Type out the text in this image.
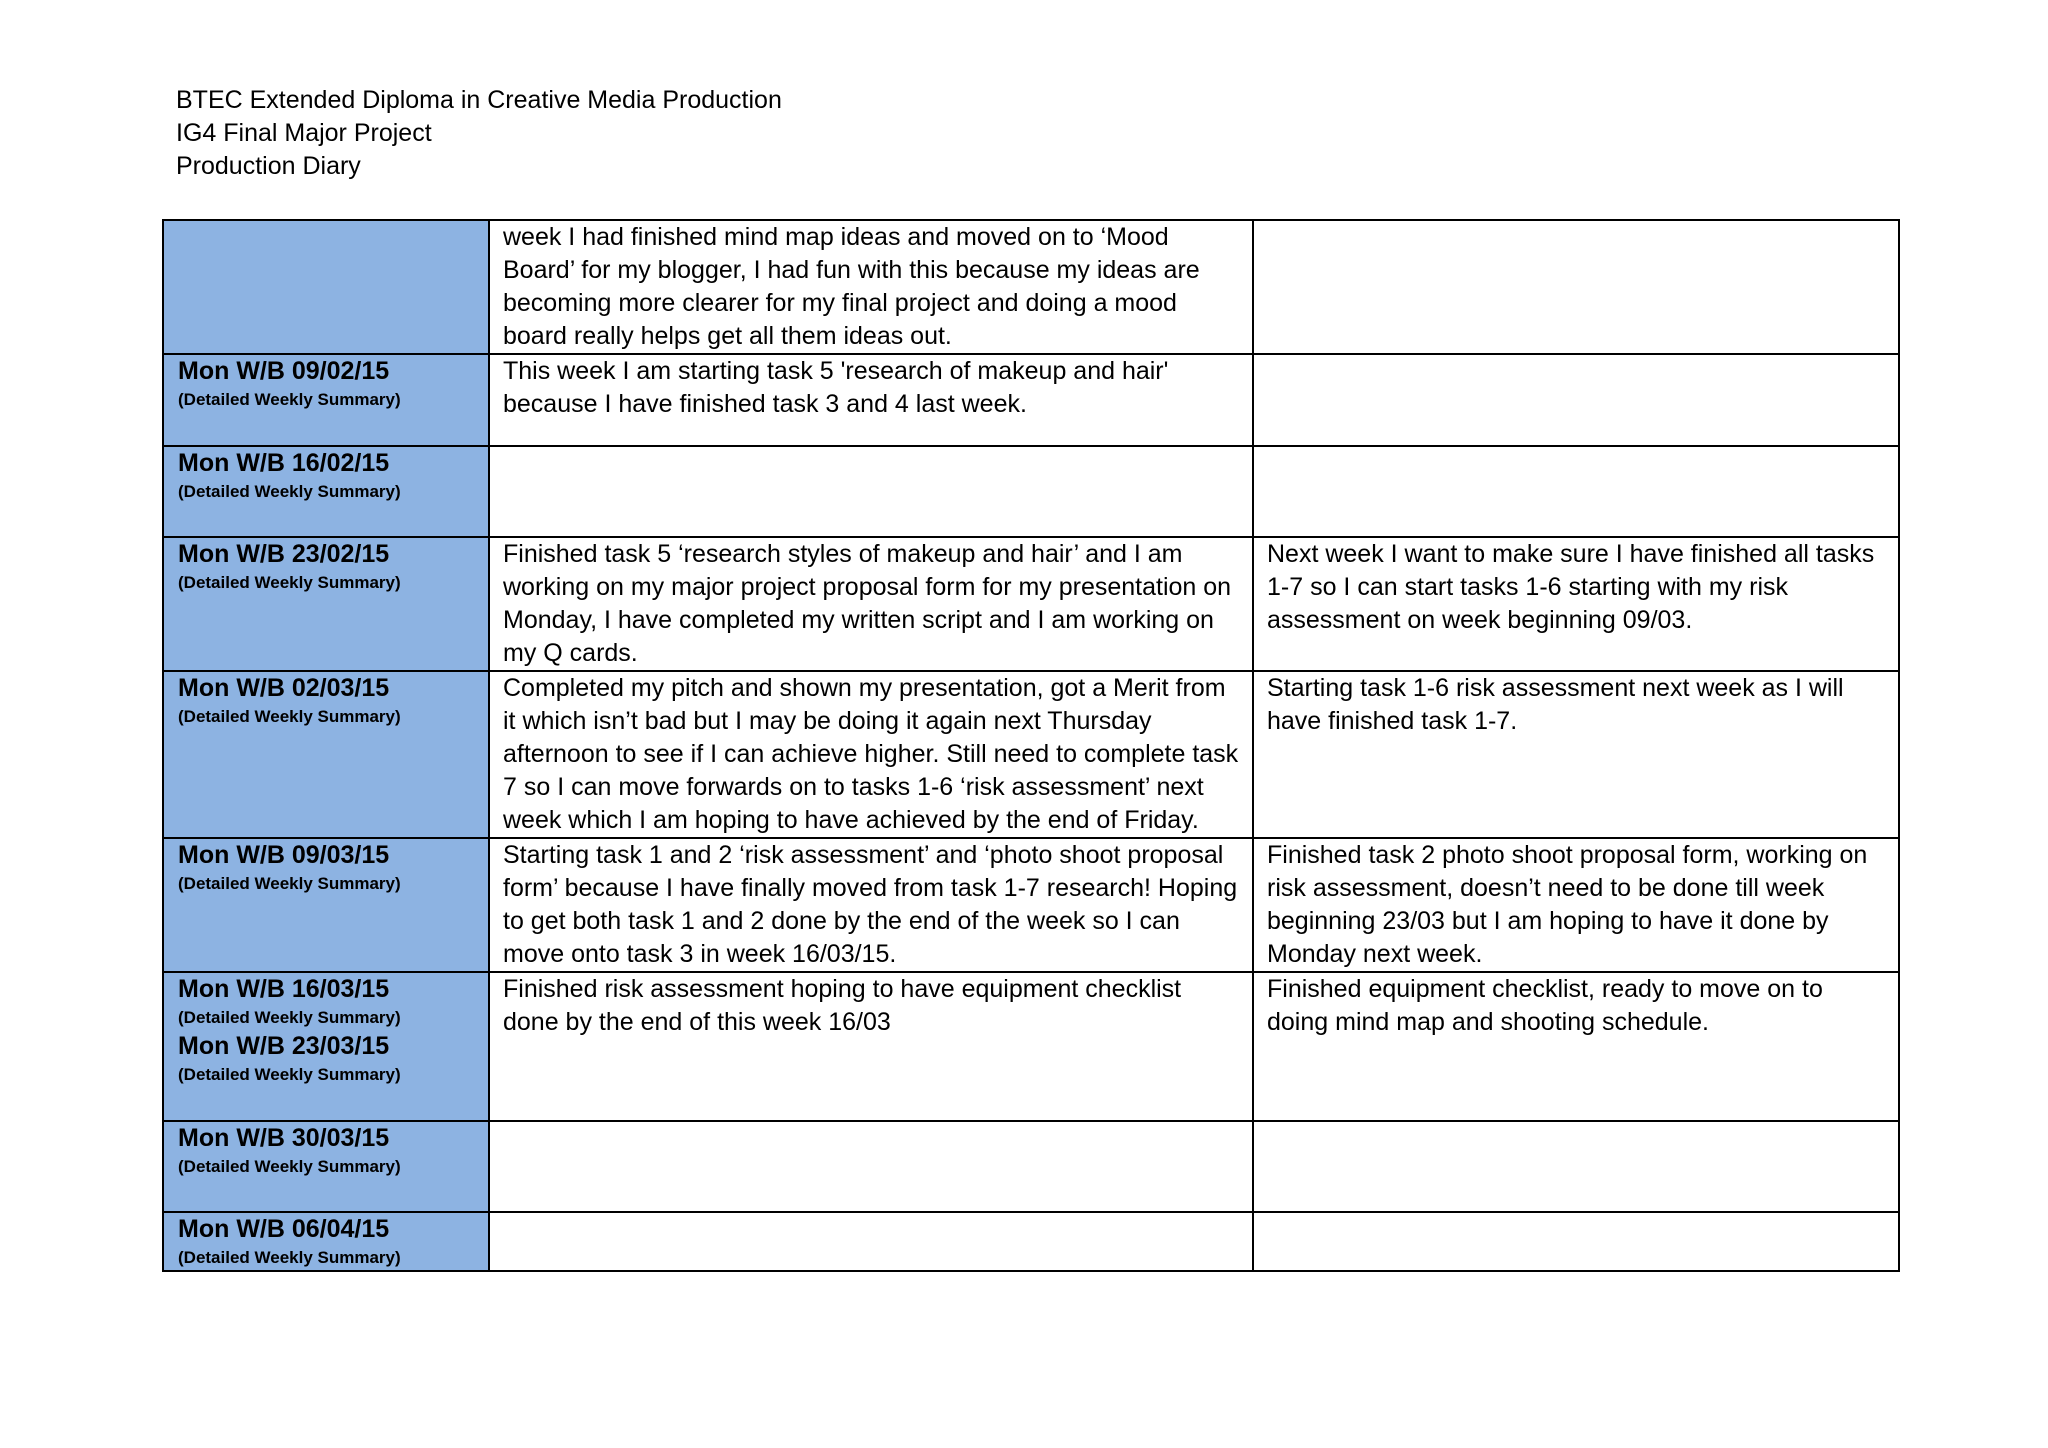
BTEC Extended Diploma in Creative Media Production
IG4 Final Major Project
Production Diary
	week I had finished mind map ideas and moved on to ‘Mood Board’ for my blogger, I had fun with this because my ideas are becoming more clearer for my final project and doing a mood board really helps get all them ideas out.	

Mon W/B 09/02/15
(Detailed Weekly Summary)	This week I am starting task 5 'research of makeup and hair' because I have finished task 3 and 4 last week.	

Mon W/B 16/02/15
(Detailed Weekly Summary)		

Mon W/B 23/02/15
(Detailed Weekly Summary)	Finished task 5 ‘research styles of makeup and hair’ and I am working on my major project proposal form for my presentation on Monday, I have completed my written script and I am working on my Q cards.	Next week I want to make sure I have finished all tasks 1-7 so I can start tasks 1-6 starting with my risk assessment on week beginning 09/03.

Mon W/B 02/03/15
(Detailed Weekly Summary)	Completed my pitch and shown my presentation, got a Merit from it which isn’t bad but I may be doing it again next Thursday afternoon to see if I can achieve higher. Still need to complete task 7 so I can move forwards on to tasks 1-6 ‘risk assessment’ next week which I am hoping to have achieved by the end of Friday.	Starting task 1-6 risk assessment next week as I will have finished task 1-7.

Mon W/B 09/03/15
(Detailed Weekly Summary)	Starting task 1 and 2 ‘risk assessment’ and ‘photo shoot proposal form’ because I have finally moved from task 1-7 research! Hoping to get both task 1 and 2 done by the end of the week so I can move onto task 3 in week 16/03/15.	Finished task 2 photo shoot proposal form, working on risk assessment, doesn’t need to be done till week beginning 23/03 but I am hoping to have it done by Monday next week.

Mon W/B 16/03/15
(Detailed Weekly Summary)
Mon W/B 23/03/15
(Detailed Weekly Summary)	Finished risk assessment hoping to have equipment checklist done by the end of this week 16/03	Finished equipment checklist, ready to move on to doing mind map and shooting schedule.

Mon W/B 30/03/15
(Detailed Weekly Summary)		

Mon W/B 06/04/15
(Detailed Weekly Summary)		
